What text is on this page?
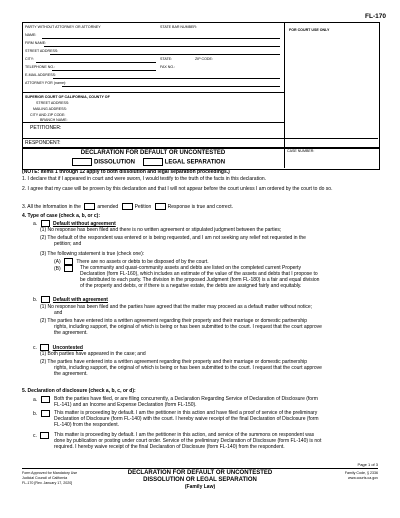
FL-170
FOR COURT USE ONLY
PARTY WITHOUT ATTORNEY OR ATTORNEY	STATE BAR NUMBER:
NAME:
FIRM NAME:
STREET ADDRESS:
CITY:	STATE:	ZIP CODE:
TELEPHONE NO.:	FAX NO.:
E-MAIL ADDRESS:
ATTORNEY FOR (name):
SUPERIOR COURT OF CALIFORNIA, COUNTY OF
STREET ADDRESS:
MAILING ADDRESS:
CITY AND ZIP CODE:
BRANCH NAME:
PETITIONER:
RESPONDENT:
DECLARATION FOR DEFAULT OR UNCONTESTED
DISSOLUTION	LEGAL SEPARATION
CASE NUMBER:
(NOTE: Items 1 through 12 apply to both dissolution and legal separation proceedings.)
1. I declare that if I appeared in court and were sworn, I would testify to the truth of the facts in this declaration.
2. I agree that my case will be proven by this declaration and that I will not appear before the court unless I am ordered by the court to do so.
3. All the information in the	amended	Petition	Response is true and correct.
4. Type of case (check a, b, or c):
a.	Default without agreement
(1) No response has been filed and there is no written agreement or stipulated judgment between the parties;
(2) The default of the respondent was entered or is being requested, and I am not seeking any relief not requested in the
petition; and
(3) The following statement is true (check one):
(A)	There are no assets or debts to be disposed of by the court.
(B)	The community and quasi-community assets and debts are listed on the completed current Property
Declaration (form FL-160), which includes an estimate of the value of the assets and debts that I propose to
be distributed to each party. The division in the proposed Judgment (form FL-180) is a fair and equal division
of the property and debts, or if there is a negative estate, the debts are assigned fairly and equitably.
b.	Default with agreement
(1) No response has been filed and the parties have agreed that the matter may proceed as a default matter without notice;
and
(2) The parties have entered into a written agreement regarding their property and their marriage or domestic partnership
rights, including support, the original of which is being or has been submitted to the court. I request that the court approve
the agreement.
c.	Uncontested
(1) Both parties have appeared in the case; and
(2) The parties have entered into a written agreement regarding their property and their marriage or domestic partnership
rights, including support, the original of which is being or has been submitted to the court. I request that the court approve
the agreement.
5. Declaration of disclosure (check a, b, c, or d):
a.	Both the parties have filed, or are filing concurrently, a Declaration Regarding Service of Declaration of Disclosure (form
FL-141) and an Income and Expense Declaration (form FL-150).
b.	This matter is proceeding by default. I am the petitioner in this action and have filed a proof of service of the preliminary
Declaration of Disclosure (form FL-140) with the court. I hereby waive receipt of the final Declaration of Disclosure (form
FL-140) from the respondent.
c.	This matter is proceeding by default. I am the petitioner in this action, and service of the summons on respondent was
done by publication or posting under court order. Service of the preliminary Declaration of Disclosure (form FL-140) is not
required. I hereby waive receipt of the final Declaration of Disclosure (form FL-140) from the respondent.
Page 1 of 3
Form Approved for Mandatory Use
Judicial Council of California
FL-170 [Rev. January 17, 2020]
DECLARATION FOR DEFAULT OR UNCONTESTED
DISSOLUTION OR LEGAL SEPARATION
(Family Law)
Family Code, § 2336
www.courts.ca.gov
